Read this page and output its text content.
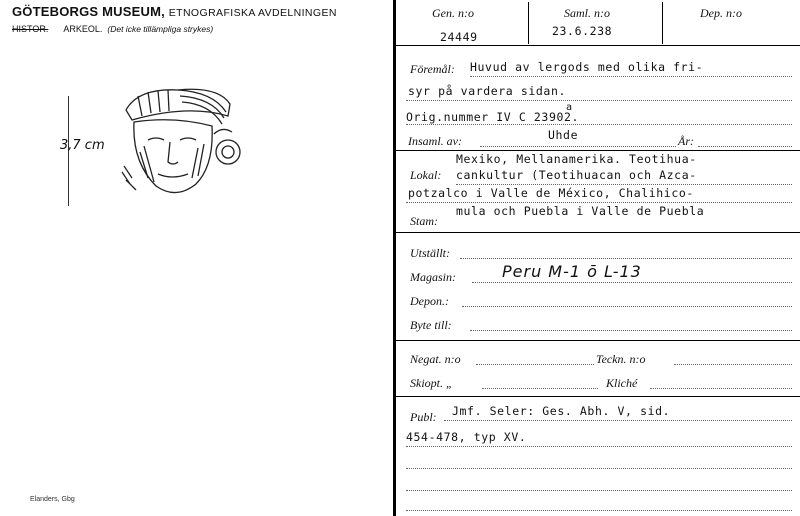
GÖTEBORGS MUSEUM, ETNOGRAFISKA AVDELNINGEN
HISTOR. ARKEOL. (Det icke tillämpliga strykes)
3,7 cm
Elanders, Gbg
Gen. n:o
24449
Saml. n:o
23.6.238
Dep. n:o
Föremål: Huvud av lergods med olika fri-
syr på vardera sidan.
Orig.nummer IV C 23902.
a
Insaml. av:	Uhde	År:
Mexiko, Mellanamerika. Teotihua-
Lokal: cankultur (Teotihuacan och Azca-
potzalco i Valle de México, Chalihico-
mula och Puebla i Valle de Puebla
Stam:
Utställt:
Magasin:	Peru M-1 ō L-13
Depon.:
Byte till:
Negat. n:o	Teckn. n:o
Skiopt. „	Kliché
Publ: Jmf. Seler: Ges. Abh. V, sid.
454-478, typ XV.
